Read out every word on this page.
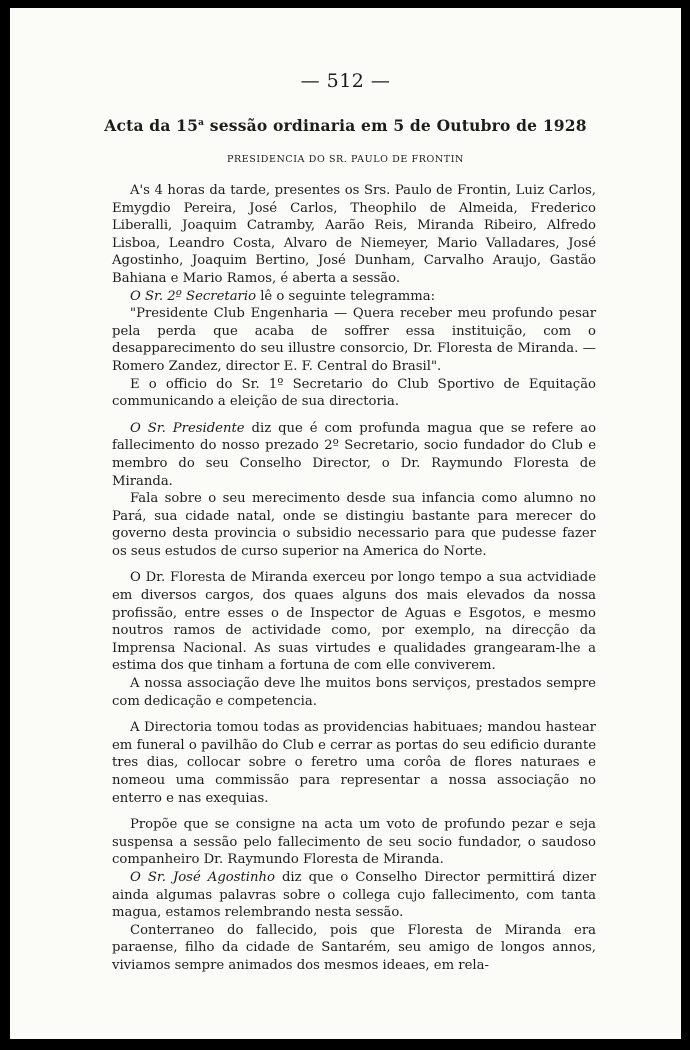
— 512 —
Acta da 15$^a$ sessão ordinaria em 5 de Outubro de 1928
PRESIDENCIA DO SR. PAULO DE FRONTIN

A's 4 horas da tarde, presentes os Srs. Paulo de Frontin, Luiz Carlos, Emygdio Pereira, José Carlos, Theophilo de Almeida, Frederico Liberalli, Joaquim Catramby, Aarão Reis, Miranda Ribeiro, Alfredo Lisboa, Leandro Costa, Alvaro de Niemeyer, Mario Valladares, José Agostinho, Joaquim Bertino, José Dunham, Carvalho Araujo, Gastão Bahiana e Mario Ramos, é aberta a sessão.

O Sr. 2º Secretario lê o seguinte telegramma:

"Presidente Club Engenharia — Quera receber meu profundo pesar pela perda que acaba de soffrer essa instituição, com o desapparecimento do seu illustre consorcio, Dr. Floresta de Miranda. — Romero Zandez, director E. F. Central do Brasil".

E o officio do Sr. 1º Secretario do Club Sportivo de Equitação communicando a eleição de sua directoria.

O Sr. Presidente diz que é com profunda magua que se refere ao fallecimento do nosso prezado 2º Secretario, socio fundador do Club e membro do seu Conselho Director, o Dr. Raymundo Floresta de Miranda.

Fala sobre o seu merecimento desde sua infancia como alumno no Pará, sua cidade natal, onde se distingiu bastante para merecer do governo desta provincia o subsidio necessario para que pudesse fazer os seus estudos de curso superior na America do Norte.

O Dr. Floresta de Miranda exerceu por longo tempo a sua actvidiade em diversos cargos, dos quaes alguns dos mais elevados da nossa profissão, entre esses o de Inspector de Aguas e Esgotos, e mesmo noutros ramos de actividade como, por exemplo, na direcção da Imprensa Nacional. As suas virtudes e qualidades grangearam-lhe a estima dos que tinham a fortuna de com elle conviverem.

A nossa associação deve lhe muitos bons serviços, prestados sempre com dedicação e competencia.

A Directoria tomou todas as providencias habituaes; mandou hastear em funeral o pavilhão do Club e cerrar as portas do seu edificio durante tres dias, collocar sobre o feretro uma corôa de flores naturaes e nomeou uma commissão para representar a nossa associação no enterro e nas exequias.

Propõe que se consigne na acta um voto de profundo pezar e seja suspensa a sessão pelo fallecimento de seu socio fundador, o saudoso companheiro Dr. Raymundo Floresta de Miranda.

O Sr. José Agostinho diz que o Conselho Director permittirá dizer ainda algumas palavras sobre o collega cujo fallecimento, com tanta magua, estamos relembrando nesta sessão.

Conterraneo do fallecido, pois que Floresta de Miranda era paraense, filho da cidade de Santarém, seu amigo de longos annos, viviamos sempre animados dos mesmos ideaes, em rela-
